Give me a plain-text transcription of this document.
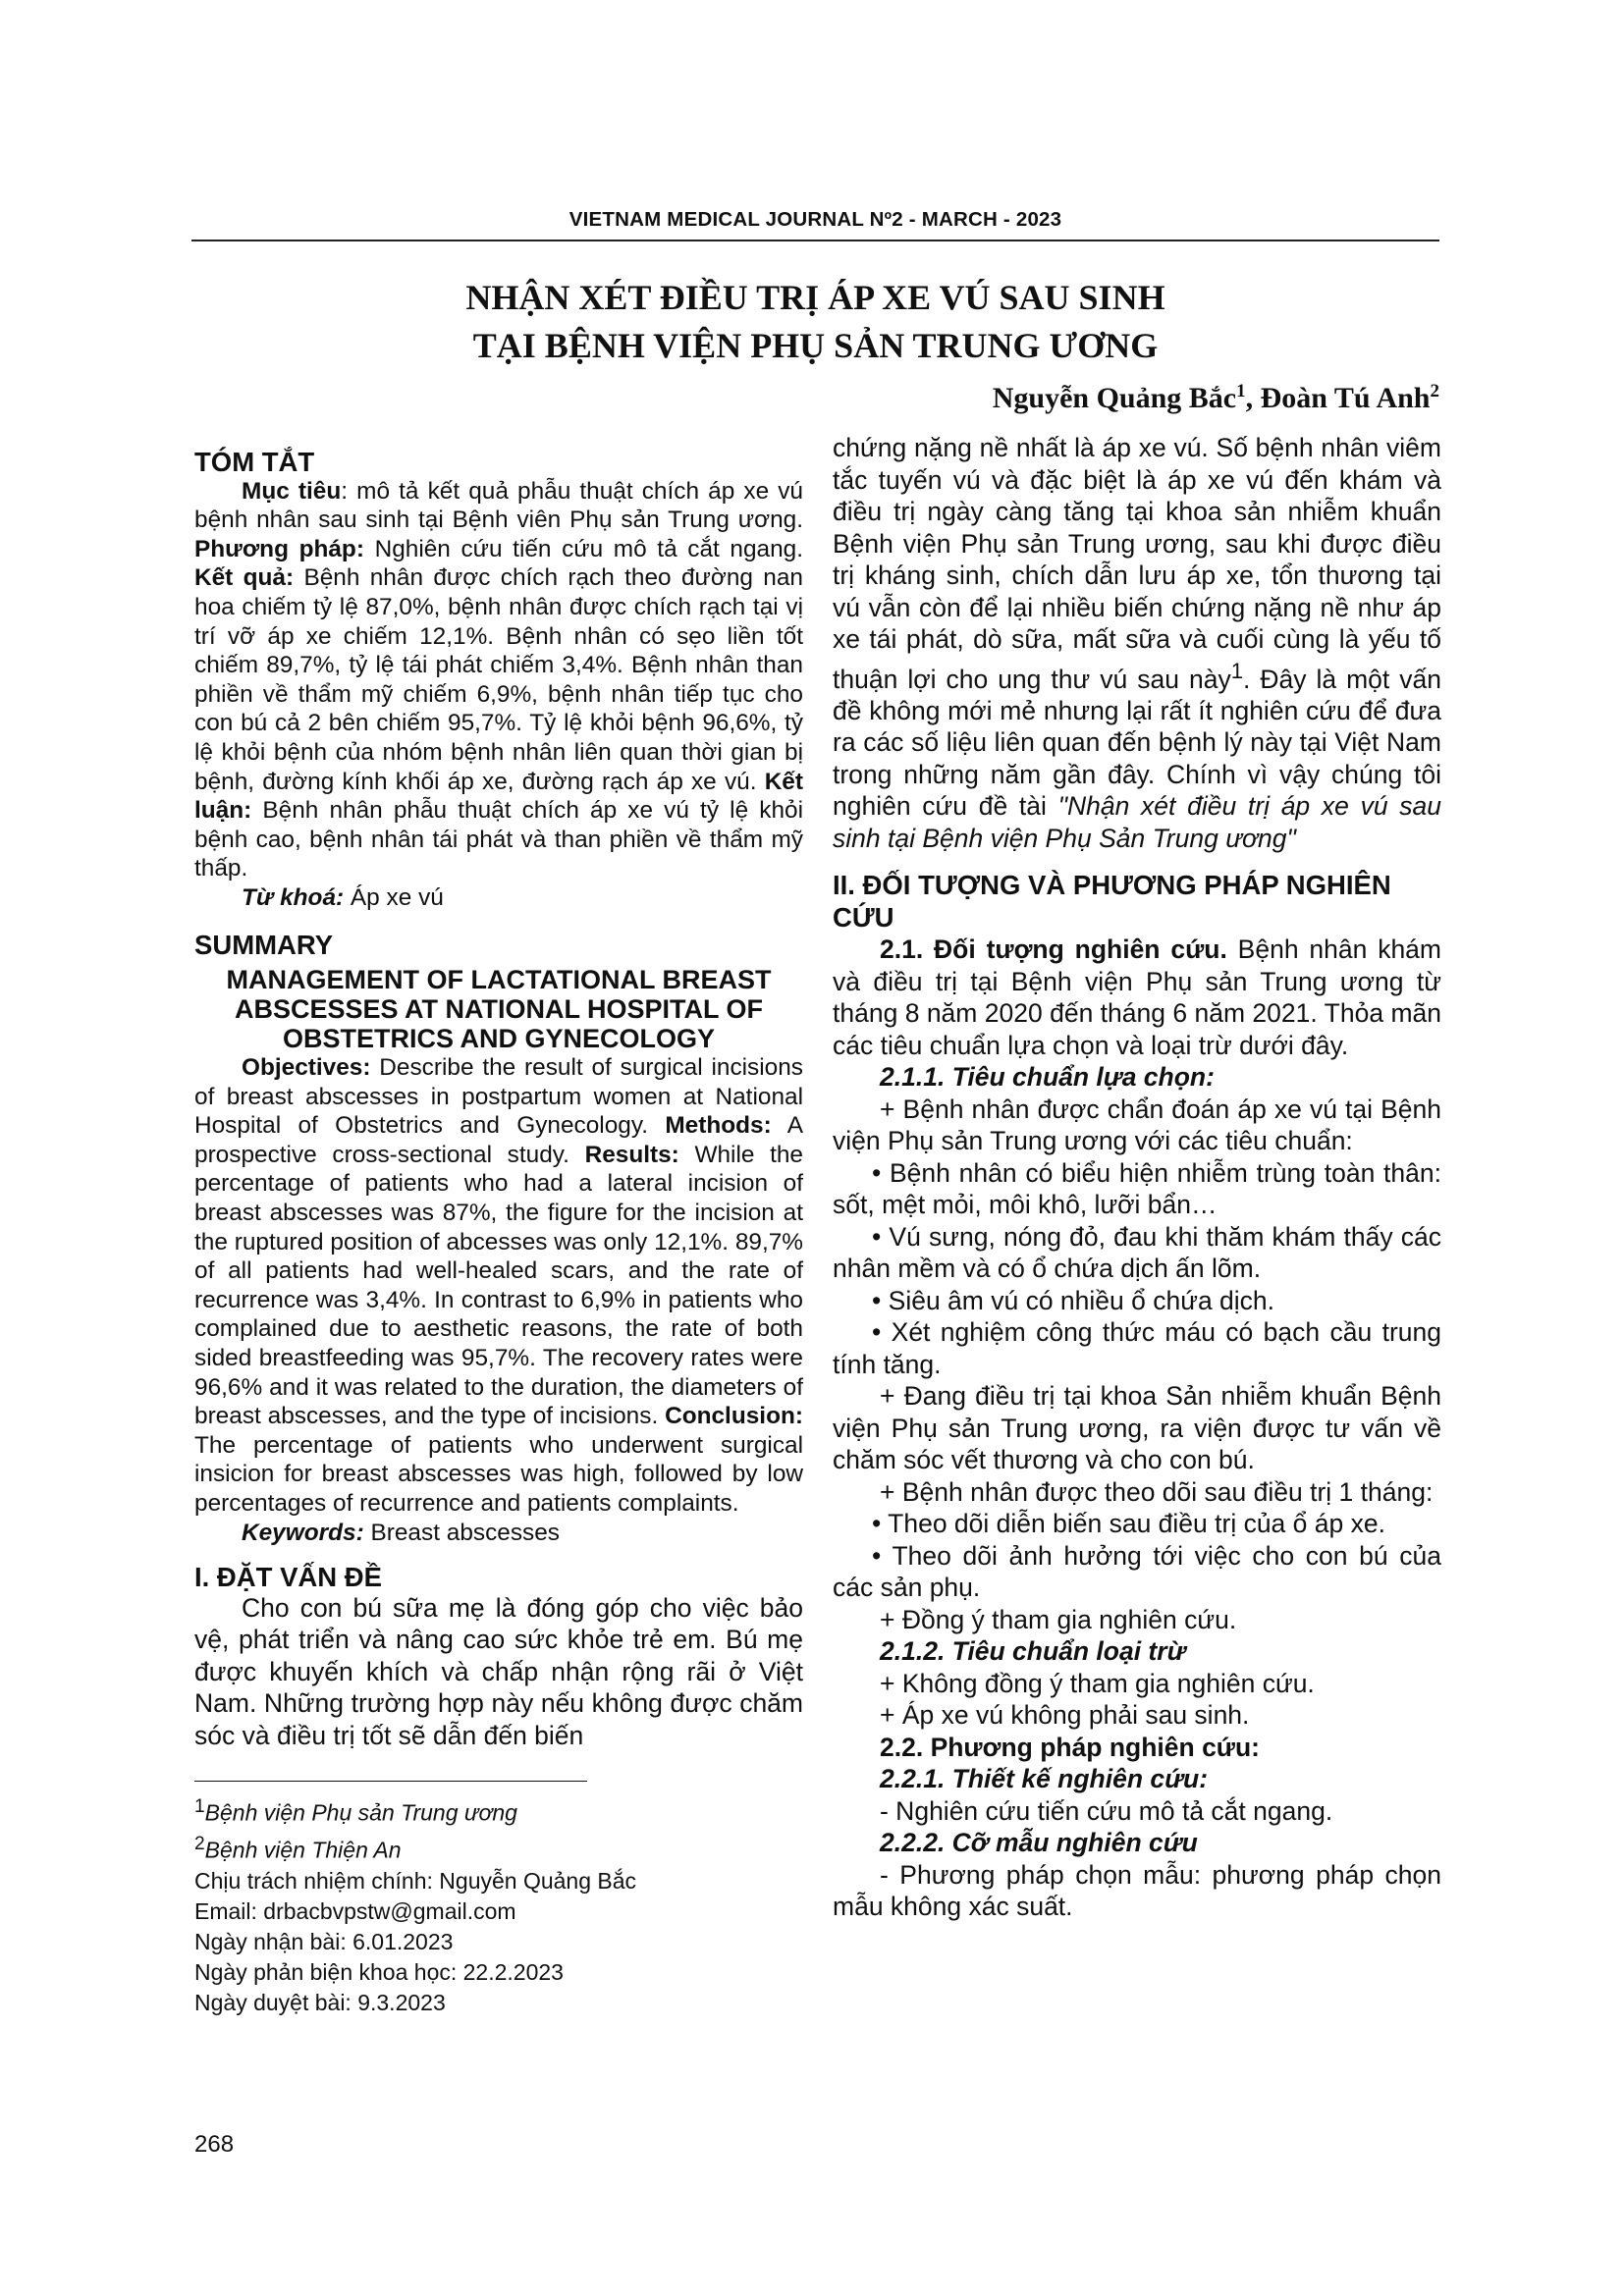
VIETNAM MEDICAL JOURNAL Nº2 - MARCH - 2023
NHẬN XÉT ĐIỀU TRỊ ÁP XE VÚ SAU SINH
TẠI BỆNH VIỆN PHỤ SẢN TRUNG ƯƠNG
Nguyễn Quảng Bắc$^1$, Đoàn Tú Anh$^2$
TÓM TẮT

Mục tiêu: mô tả kết quả phẫu thuật chích áp xe vú bệnh nhân sau sinh tại Bệnh viên Phụ sản Trung ương. Phương pháp: Nghiên cứu tiến cứu mô tả cắt ngang. Kết quả: Bệnh nhân được chích rạch theo đường nan hoa chiếm tỷ lệ 87,0%, bệnh nhân được chích rạch tại vị trí vỡ áp xe chiếm 12,1%. Bệnh nhân có sẹo liền tốt chiếm 89,7%, tỷ lệ tái phát chiếm 3,4%. Bệnh nhân than phiền về thẩm mỹ chiếm 6,9%, bệnh nhân tiếp tục cho con bú cả 2 bên chiếm 95,7%. Tỷ lệ khỏi bệnh 96,6%, tỷ lệ khỏi bệnh của nhóm bệnh nhân liên quan thời gian bị bệnh, đường kính khối áp xe, đường rạch áp xe vú. Kết luận: Bệnh nhân phẫu thuật chích áp xe vú tỷ lệ khỏi bệnh cao, bệnh nhân tái phát và than phiền về thẩm mỹ thấp.

Từ khoá: Áp xe vú

SUMMARY
MANAGEMENT OF LACTATIONAL BREAST ABSCESSES AT NATIONAL HOSPITAL OF OBSTETRICS AND GYNECOLOGY

Objectives: Describe the result of surgical incisions of breast abscesses in postpartum women at National Hospital of Obstetrics and Gynecology. Methods: A prospective cross-sectional study. Results: While the percentage of patients who had a lateral incision of breast abscesses was 87%, the figure for the incision at the ruptured position of abcesses was only 12,1%. 89,7% of all patients had well-healed scars, and the rate of recurrence was 3,4%. In contrast to 6,9% in patients who complained due to aesthetic reasons, the rate of both sided breastfeeding was 95,7%. The recovery rates were 96,6% and it was related to the duration, the diameters of breast abscesses, and the type of incisions. Conclusion: The percentage of patients who underwent surgical insicion for breast abscesses was high, followed by low percentages of recurrence and patients complaints.

Keywords: Breast abscesses

I. ĐẶT VẤN ĐỀ

Cho con bú sữa mẹ là đóng góp cho việc bảo vệ, phát triển và nâng cao sức khỏe trẻ em. Bú mẹ được khuyến khích và chấp nhận rộng rãi ở Việt Nam. Những trường hợp này nếu không được chăm sóc và điều trị tốt sẽ dẫn đến biến

$^1$Bệnh viện Phụ sản Trung ương

$^2$Bệnh viện Thiện An

Chịu trách nhiệm chính: Nguyễn Quảng Bắc

Email: drbacbvpstw@gmail.com

Ngày nhận bài: 6.01.2023

Ngày phản biện khoa học: 22.2.2023

Ngày duyệt bài: 9.3.2023

chứng nặng nề nhất là áp xe vú. Số bệnh nhân viêm tắc tuyến vú và đặc biệt là áp xe vú đến khám và điều trị ngày càng tăng tại khoa sản nhiễm khuẩn Bệnh viện Phụ sản Trung ương, sau khi được điều trị kháng sinh, chích dẫn lưu áp xe, tổn thương tại vú vẫn còn để lại nhiều biến chứng nặng nề như áp xe tái phát, dò sữa, mất sữa và cuối cùng là yếu tố thuận lợi cho ung thư vú sau này$^1$. Đây là một vấn đề không mới mẻ nhưng lại rất ít nghiên cứu để đưa ra các số liệu liên quan đến bệnh lý này tại Việt Nam trong những năm gần đây. Chính vì vậy chúng tôi nghiên cứu đề tài "Nhận xét điều trị áp xe vú sau sinh tại Bệnh viện Phụ Sản Trung ương"

II. ĐỐI TƯỢNG VÀ PHƯƠNG PHÁP NGHIÊN CỨU

2.1. Đối tượng nghiên cứu. Bệnh nhân khám và điều trị tại Bệnh viện Phụ sản Trung ương từ tháng 8 năm 2020 đến tháng 6 năm 2021. Thỏa mãn các tiêu chuẩn lựa chọn và loại trừ dưới đây.

2.1.1. Tiêu chuẩn lựa chọn:

+ Bệnh nhân được chẩn đoán áp xe vú tại Bệnh viện Phụ sản Trung ương với các tiêu chuẩn:

• Bệnh nhân có biểu hiện nhiễm trùng toàn thân: sốt, mệt mỏi, môi khô, lưỡi bẩn…

• Vú sưng, nóng đỏ, đau khi thăm khám thấy các nhân mềm và có ổ chứa dịch ấn lõm.

• Siêu âm vú có nhiều ổ chứa dịch.

• Xét nghiệm công thức máu có bạch cầu trung tính tăng.

+ Đang điều trị tại khoa Sản nhiễm khuẩn Bệnh viện Phụ sản Trung ương, ra viện được tư vấn về chăm sóc vết thương và cho con bú.

+ Bệnh nhân được theo dõi sau điều trị 1 tháng:

• Theo dõi diễn biến sau điều trị của ổ áp xe.

• Theo dõi ảnh hưởng tới việc cho con bú của các sản phụ.

+ Đồng ý tham gia nghiên cứu.

2.1.2. Tiêu chuẩn loại trừ

+ Không đồng ý tham gia nghiên cứu.

+ Áp xe vú không phải sau sinh.

2.2. Phương pháp nghiên cứu:

2.2.1. Thiết kế nghiên cứu:

- Nghiên cứu tiến cứu mô tả cắt ngang.

2.2.2. Cỡ mẫu nghiên cứu

- Phương pháp chọn mẫu: phương pháp chọn mẫu không xác suất.

268
